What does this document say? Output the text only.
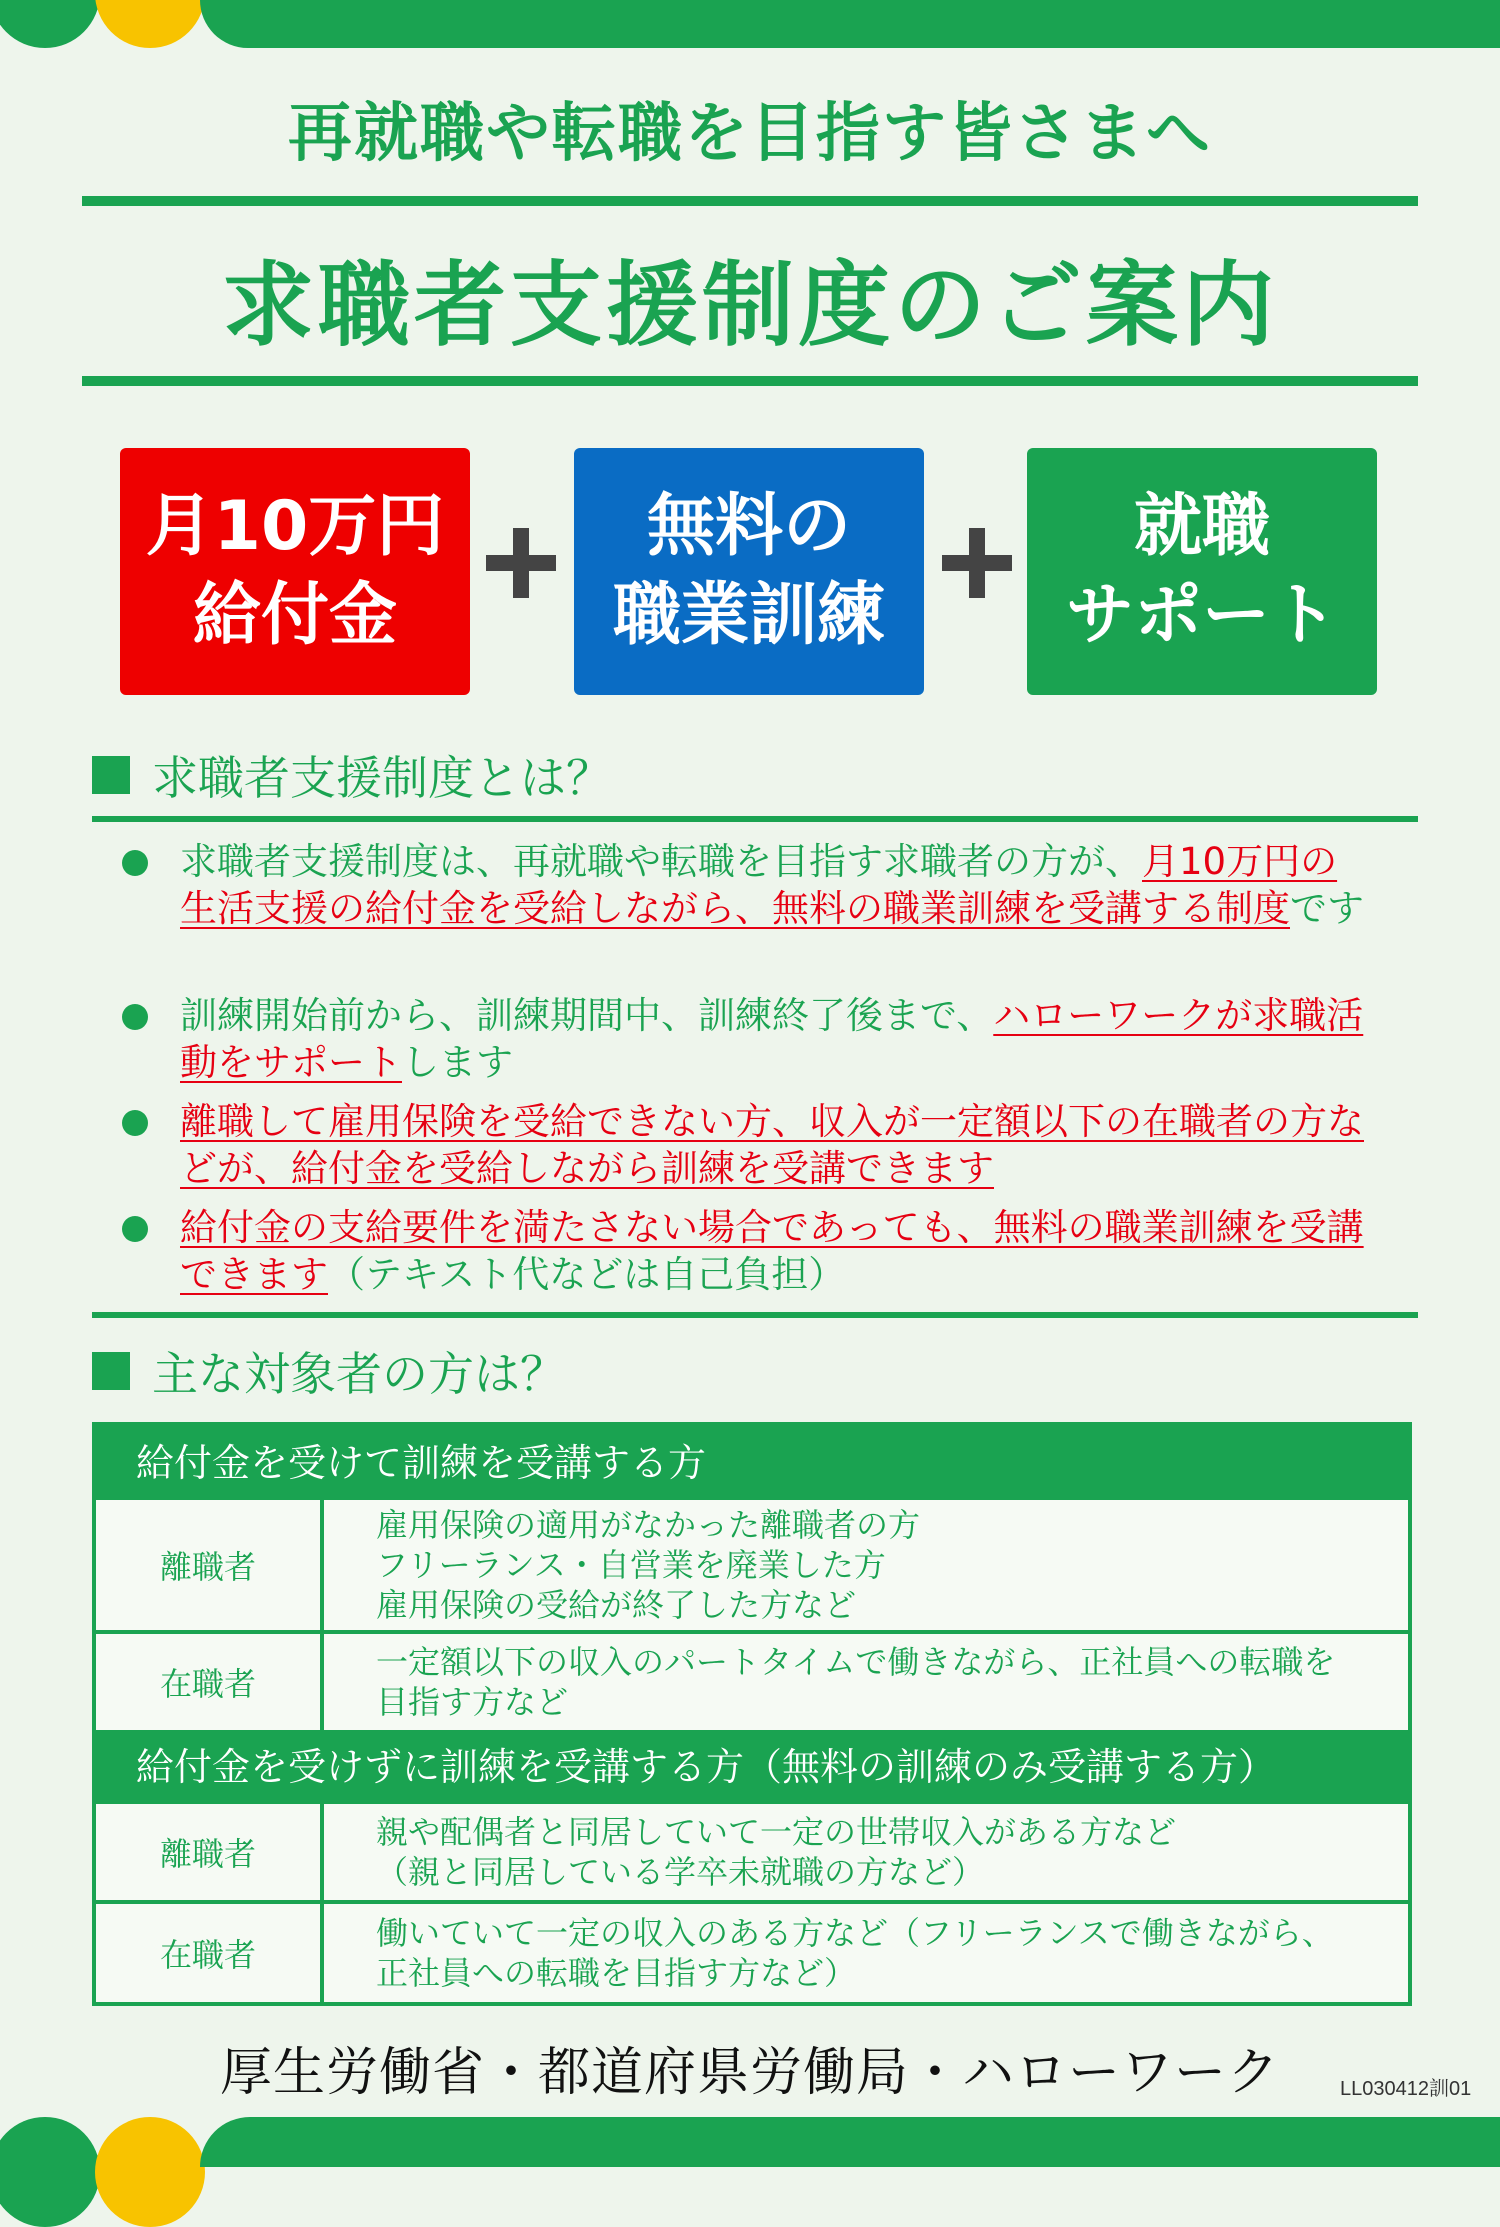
再就職や転職を目指す皆さまへ
求職者支援制度のご案内
月10万円
給付金
無料の
職業訓練
就職
サポート
求職者支援制度とは？
求職者支援制度は、再就職や転職を目指す求職者の方が、月10万円の生活支援の給付金を受給しながら、無料の職業訓練を受講する制度です
訓練開始前から、訓練期間中、訓練終了後まで、ハローワークが求職活動をサポートします
離職して雇用保険を受給できない方、収入が一定額以下の在職者の方などが、給付金を受給しながら訓練を受講できます
給付金の支給要件を満たさない場合であっても、無料の職業訓練を受講できます（テキスト代などは自己負担）
主な対象者の方は？
給付金を受けて訓練を受講する方
離職者
雇用保険の適用がなかった離職者の方
フリーランス・自営業を廃業した方
雇用保険の受給が終了した方など
在職者
一定額以下の収入のパートタイムで働きながら、正社員への転職を
目指す方など
給付金を受けずに訓練を受講する方（無料の訓練のみ受講する方）
離職者
親や配偶者と同居していて一定の世帯収入がある方など
（親と同居している学卒未就職の方など）
在職者
働いていて一定の収入のある方など（フリーランスで働きながら、
正社員への転職を目指す方など）
厚生労働省・都道府県労働局・ハローワーク	LL030412訓01
